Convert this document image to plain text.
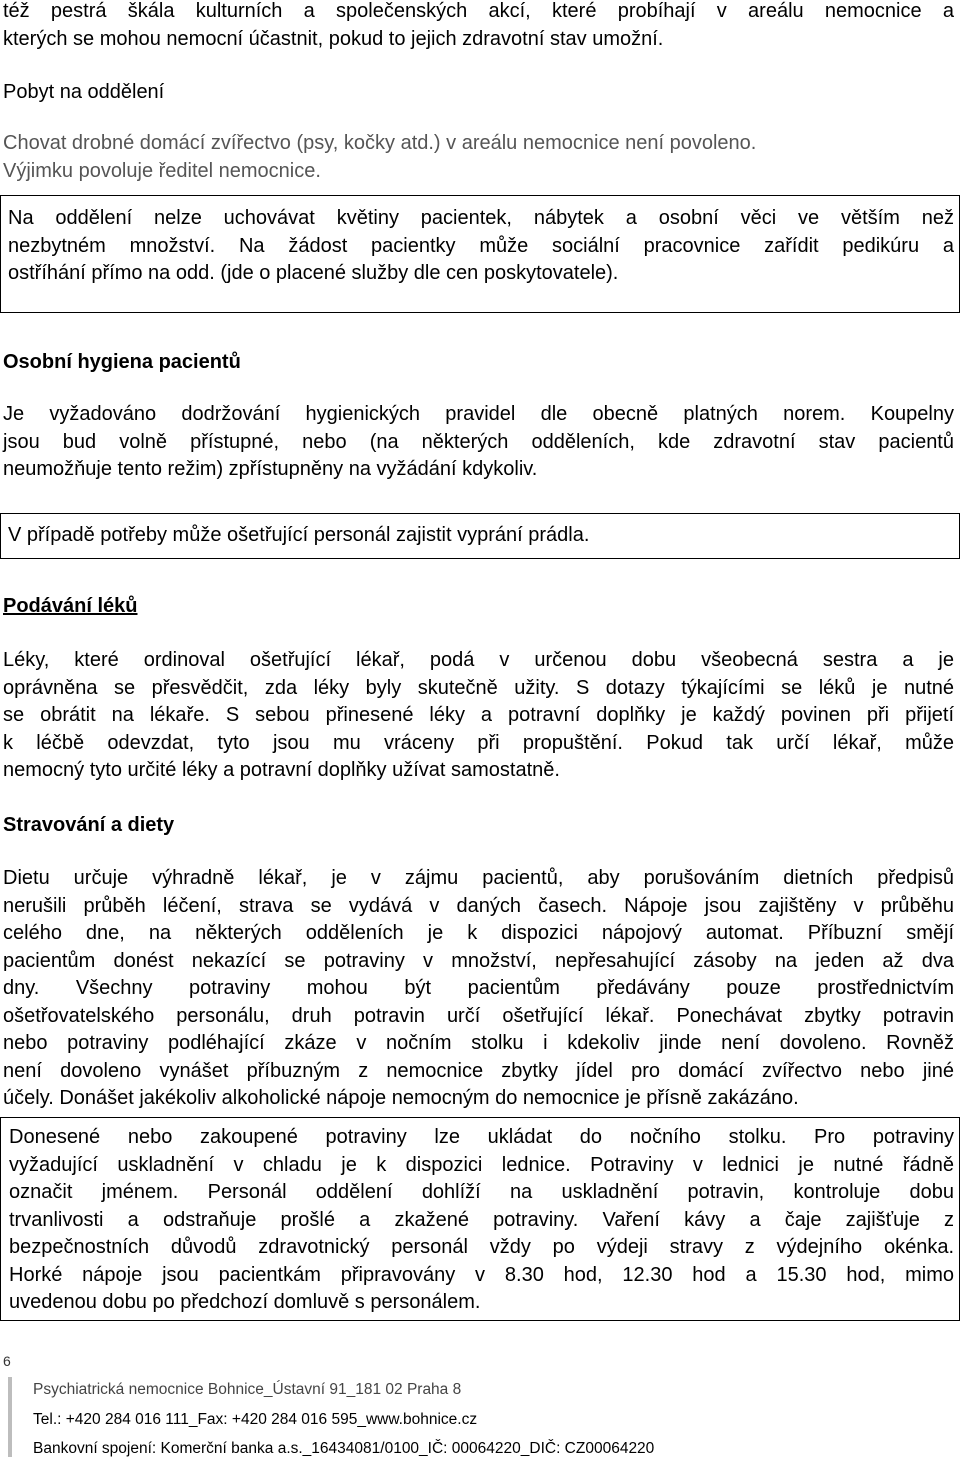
též pestrá škála kulturních a společenských akcí, které probíhají v areálu nemocnice a
kterých se mohou nemocní účastnit, pokud to jejich zdravotní stav umožní.
Pobyt na oddělení
Chovat drobné domácí zvířectvo (psy, kočky atd.) v areálu nemocnice není povoleno.
Výjimku povoluje ředitel nemocnice.
Na oddělení nelze uchovávat květiny pacientek, nábytek a osobní věci ve větším než
nezbytném množství. Na žádost pacientky může sociální pracovnice zařídit pedikúru a
ostříhání přímo na odd. (jde o placené služby dle cen poskytovatele).
Osobní hygiena pacientů
Je vyžadováno dodržování hygienických pravidel dle obecně platných norem. Koupelny
jsou bud volně přístupné, nebo (na některých odděleních, kde zdravotní stav pacientů
neumožňuje tento režim) zpřístupněny na vyžádání kdykoliv.
V případě potřeby může ošetřující personál zajistit vyprání prádla.
Podávání léků
Léky, které ordinoval ošetřující lékař, podá v určenou dobu všeobecná sestra a je
oprávněna se přesvědčit, zda léky byly skutečně užity. S dotazy týkajícími se léků je nutné
se obrátit na lékaře. S sebou přinesené léky a potravní doplňky je každý povinen při přijetí
k léčbě odevzdat, tyto jsou mu vráceny při propuštění. Pokud tak určí lékař, může
nemocný tyto určité léky a potravní doplňky užívat samostatně.
Stravování a diety
Dietu určuje výhradně lékař, je v zájmu pacientů, aby porušováním dietních předpisů
nerušili průběh léčení, strava se vydává v daných časech. Nápoje jsou zajištěny v průběhu
celého dne, na některých odděleních je k dispozici nápojový automat. Příbuzní smějí
pacientům donést nekazící se potraviny v množství, nepřesahující zásoby na jeden až dva
dny. Všechny potraviny mohou být pacientům předávány pouze prostřednictvím
ošetřovatelského personálu, druh potravin určí ošetřující lékař. Ponechávat zbytky potravin
nebo potraviny podléhající zkáze v nočním stolku i kdekoliv jinde není dovoleno. Rovněž
není dovoleno vynášet příbuzným z nemocnice zbytky jídel pro domácí zvířectvo nebo jiné
účely. Donášet jakékoliv alkoholické nápoje nemocným do nemocnice je přísně zakázáno.
Donesené nebo zakoupené potraviny lze ukládat do nočního stolku. Pro potraviny
vyžadující uskladnění v chladu je k dispozici lednice. Potraviny v lednici je nutné řádně
označit jménem. Personál oddělení dohlíží na uskladnění potravin, kontroluje dobu
trvanlivosti a odstraňuje prošlé a zkažené potraviny. Vaření kávy a čaje zajišťuje z
bezpečnostních důvodů zdravotnický personál vždy po výdeji stravy z výdejního okénka.
Horké nápoje jsou pacientkám připravovány v 8.30 hod, 12.30 hod a 15.30 hod, mimo
uvedenou dobu po předchozí domluvě s personálem.
6
Psychiatrická nemocnice Bohnice_Ústavní 91_181 02 Praha 8
Tel.: +420 284 016 111_Fax: +420 284 016 595_www.bohnice.cz
Bankovní spojení: Komerční banka a.s._16434081/0100_IČ: 00064220_DIČ: CZ00064220
